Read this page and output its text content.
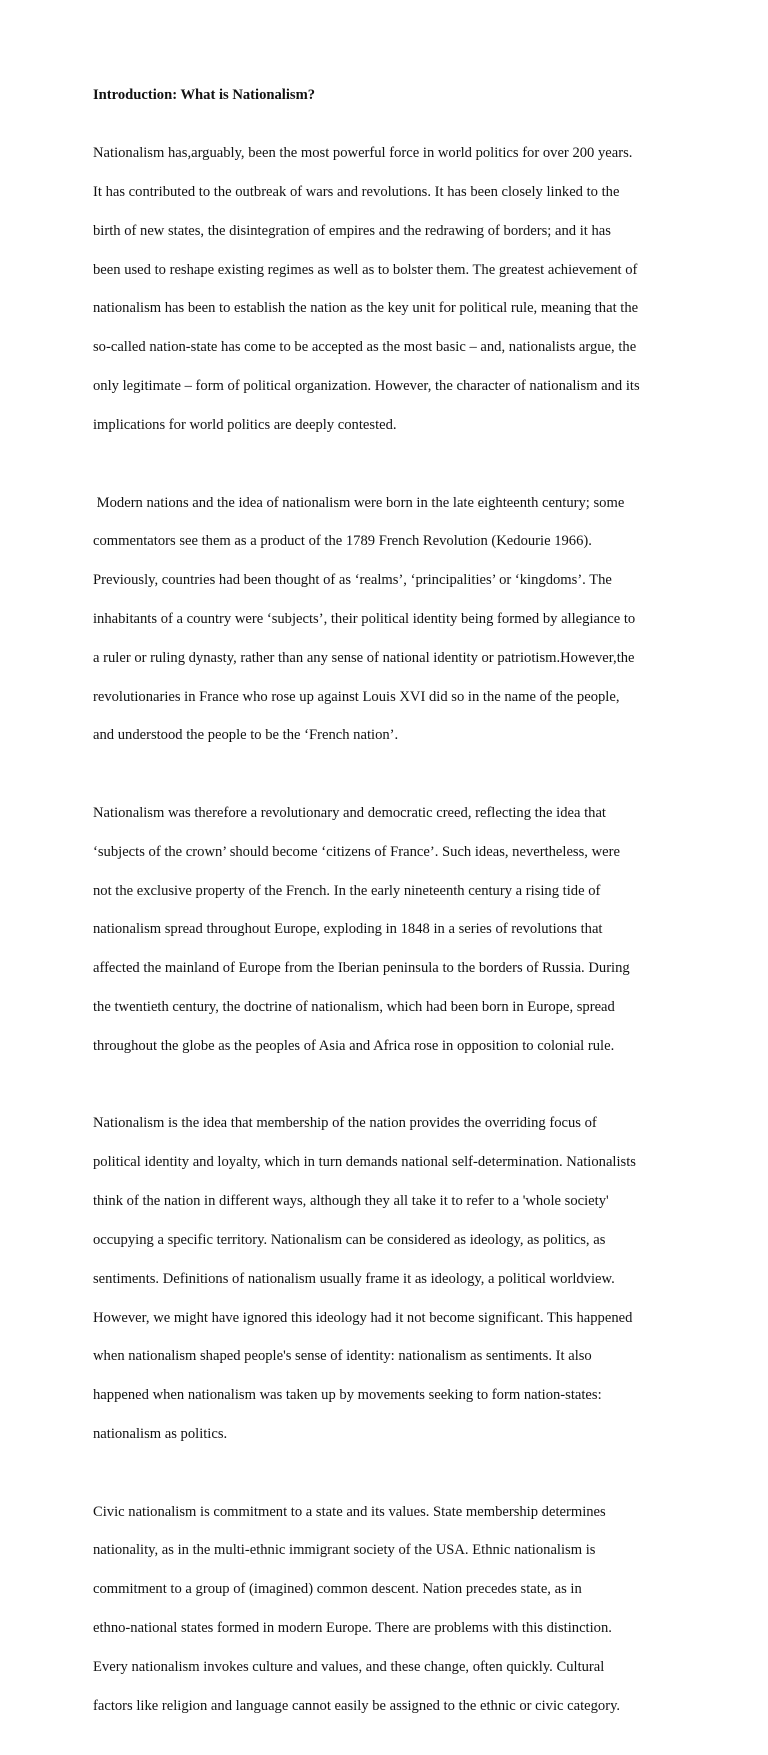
Introduction: What is Nationalism?

Nationalism has,arguably, been the most powerful force in world politics for over 200 years.

It has contributed to the outbreak of wars and revolutions. It has been closely linked to the

birth of new states, the disintegration of empires and the redrawing of borders; and it has

been used to reshape existing regimes as well as to bolster them. The greatest achievement of

nationalism has been to establish the nation as the key unit for political rule, meaning that the

so-called nation-state has come to be accepted as the most basic – and, nationalists argue, the

only legitimate – form of political organization. However, the character of nationalism and its

implications for world politics are deeply contested.

Modern nations and the idea of nationalism were born in the late eighteenth century; some

commentators see them as a product of the 1789 French Revolution (Kedourie 1966).

Previously, countries had been thought of as ‘realms’, ‘principalities’ or ‘kingdoms’. The

inhabitants of a country were ‘subjects’, their political identity being formed by allegiance to

a ruler or ruling dynasty, rather than any sense of national identity or patriotism.However,the

revolutionaries in France who rose up against Louis XVI did so in the name of the people,

and understood the people to be the ‘French nation’.

Nationalism was therefore a revolutionary and democratic creed, reflecting the idea that

‘subjects of the crown’ should become ‘citizens of France’. Such ideas, nevertheless, were

not the exclusive property of the French. In the early nineteenth century a rising tide of

nationalism spread throughout Europe, exploding in 1848 in a series of revolutions that

affected the mainland of Europe from the Iberian peninsula to the borders of Russia. During

the twentieth century, the doctrine of nationalism, which had been born in Europe, spread

throughout the globe as the peoples of Asia and Africa rose in opposition to colonial rule.

Nationalism is the idea that membership of the nation provides the overriding focus of

political identity and loyalty, which in turn demands national self-determination. Nationalists

think of the nation in different ways, although they all take it to refer to a 'whole society'

occupying a specific territory. Nationalism can be considered as ideology, as politics, as

sentiments. Definitions of nationalism usually frame it as ideology, a political worldview.

However, we might have ignored this ideology had it not become significant. This happened

when nationalism shaped people's sense of identity: nationalism as sentiments. It also

happened when nationalism was taken up by movements seeking to form nation-states:

nationalism as politics.

Civic nationalism is commitment to a state and its values. State membership determines

nationality, as in the multi-ethnic immigrant society of the USA. Ethnic nationalism is

commitment to a group of (imagined) common descent. Nation precedes state, as in

ethno-national states formed in modern Europe. There are problems with this distinction.

Every nationalism invokes culture and values, and these change, often quickly. Cultural

factors like religion and language cannot easily be assigned to the ethnic or civic category.
